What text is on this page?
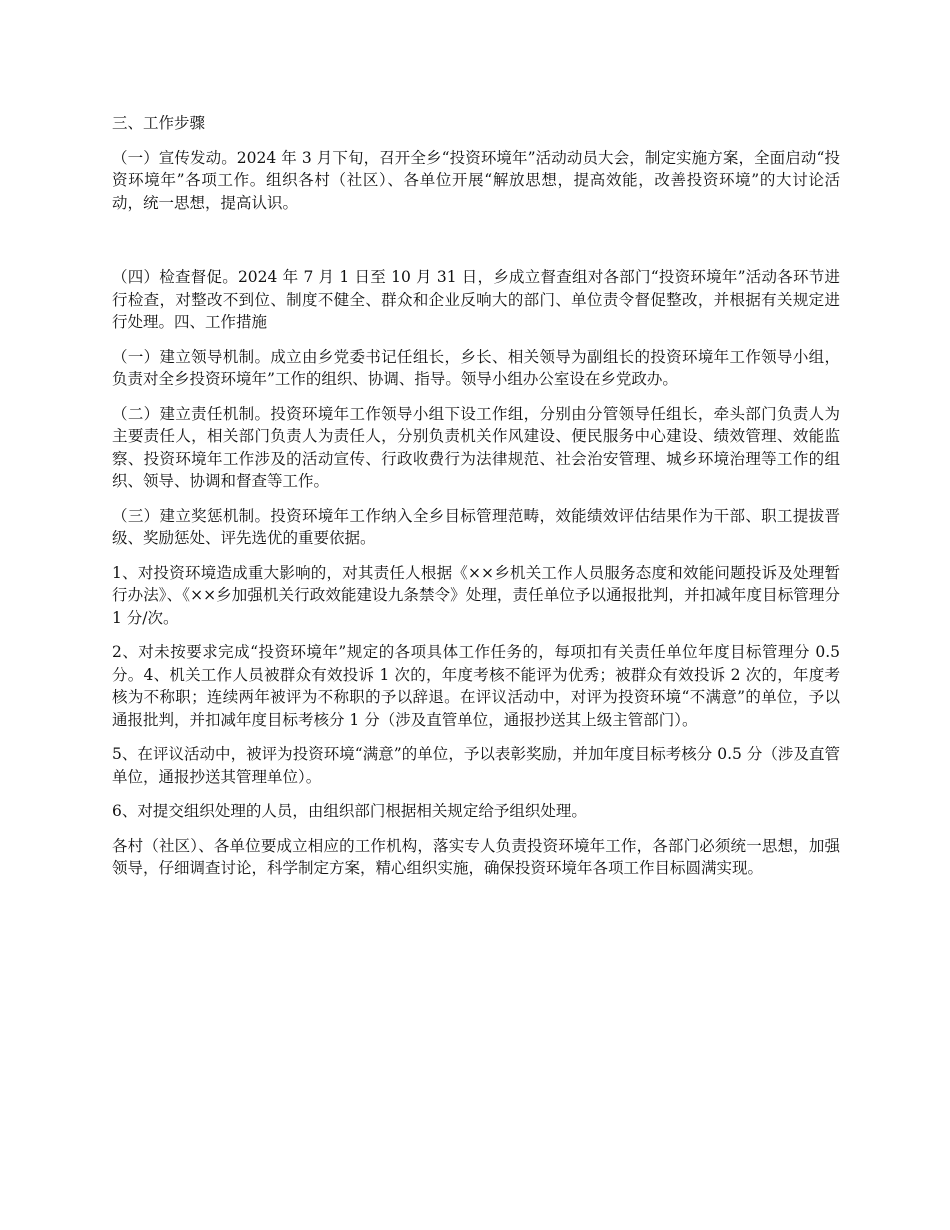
三、工作步骤

（一）宣传发动。2024 年 3 月下旬，召开全乡“投资环境年”活动动员大会，制定实施方案，全面启动“投资环境年”各项工作。组织各村（社区）、各单位开展“解放思想，提高效能，改善投资环境”的大讨论活动，统一思想，提高认识。

（四）检查督促。2024 年 7 月 1 日至 10 月 31 日，乡成立督查组对各部门“投资环境年”活动各环节进行检查，对整改不到位、制度不健全、群众和企业反响大的部门、单位责令督促整改，并根据有关规定进行处理。四、工作措施

（一）建立领导机制。成立由乡党委书记任组长，乡长、相关领导为副组长的投资环境年工作领导小组，负责对全乡投资环境年”工作的组织、协调、指导。领导小组办公室设在乡党政办。

（二）建立责任机制。投资环境年工作领导小组下设工作组，分别由分管领导任组长，牵头部门负责人为主要责任人，相关部门负责人为责任人，分别负责机关作风建设、便民服务中心建设、绩效管理、效能监察、投资环境年工作涉及的活动宣传、行政收费行为法律规范、社会治安管理、城乡环境治理等工作的组织、领导、协调和督查等工作。

（三）建立奖惩机制。投资环境年工作纳入全乡目标管理范畴，效能绩效评估结果作为干部、职工提拔晋级、奖励惩处、评先选优的重要依据。

1、对投资环境造成重大影响的，对其责任人根据《××乡机关工作人员服务态度和效能问题投诉及处理暂行办法》、《××乡加强机关行政效能建设九条禁令》处理，责任单位予以通报批判，并扣减年度目标管理分 1 分/次。

2、对未按要求完成“投资环境年”规定的各项具体工作任务的，每项扣有关责任单位年度目标管理分 0.5 分。4、机关工作人员被群众有效投诉 1 次的，年度考核不能评为优秀；被群众有效投诉 2 次的，年度考核为不称职；连续两年被评为不称职的予以辞退。在评议活动中，对评为投资环境“不满意”的单位，予以通报批判，并扣减年度目标考核分 1 分（涉及直管单位，通报抄送其上级主管部门）。

5、在评议活动中，被评为投资环境“满意”的单位，予以表彰奖励，并加年度目标考核分 0.5 分（涉及直管单位，通报抄送其管理单位）。

6、对提交组织处理的人员，由组织部门根据相关规定给予组织处理。

各村（社区）、各单位要成立相应的工作机构，落实专人负责投资环境年工作，各部门必须统一思想，加强领导，仔细调查讨论，科学制定方案，精心组织实施，确保投资环境年各项工作目标圆满实现。
